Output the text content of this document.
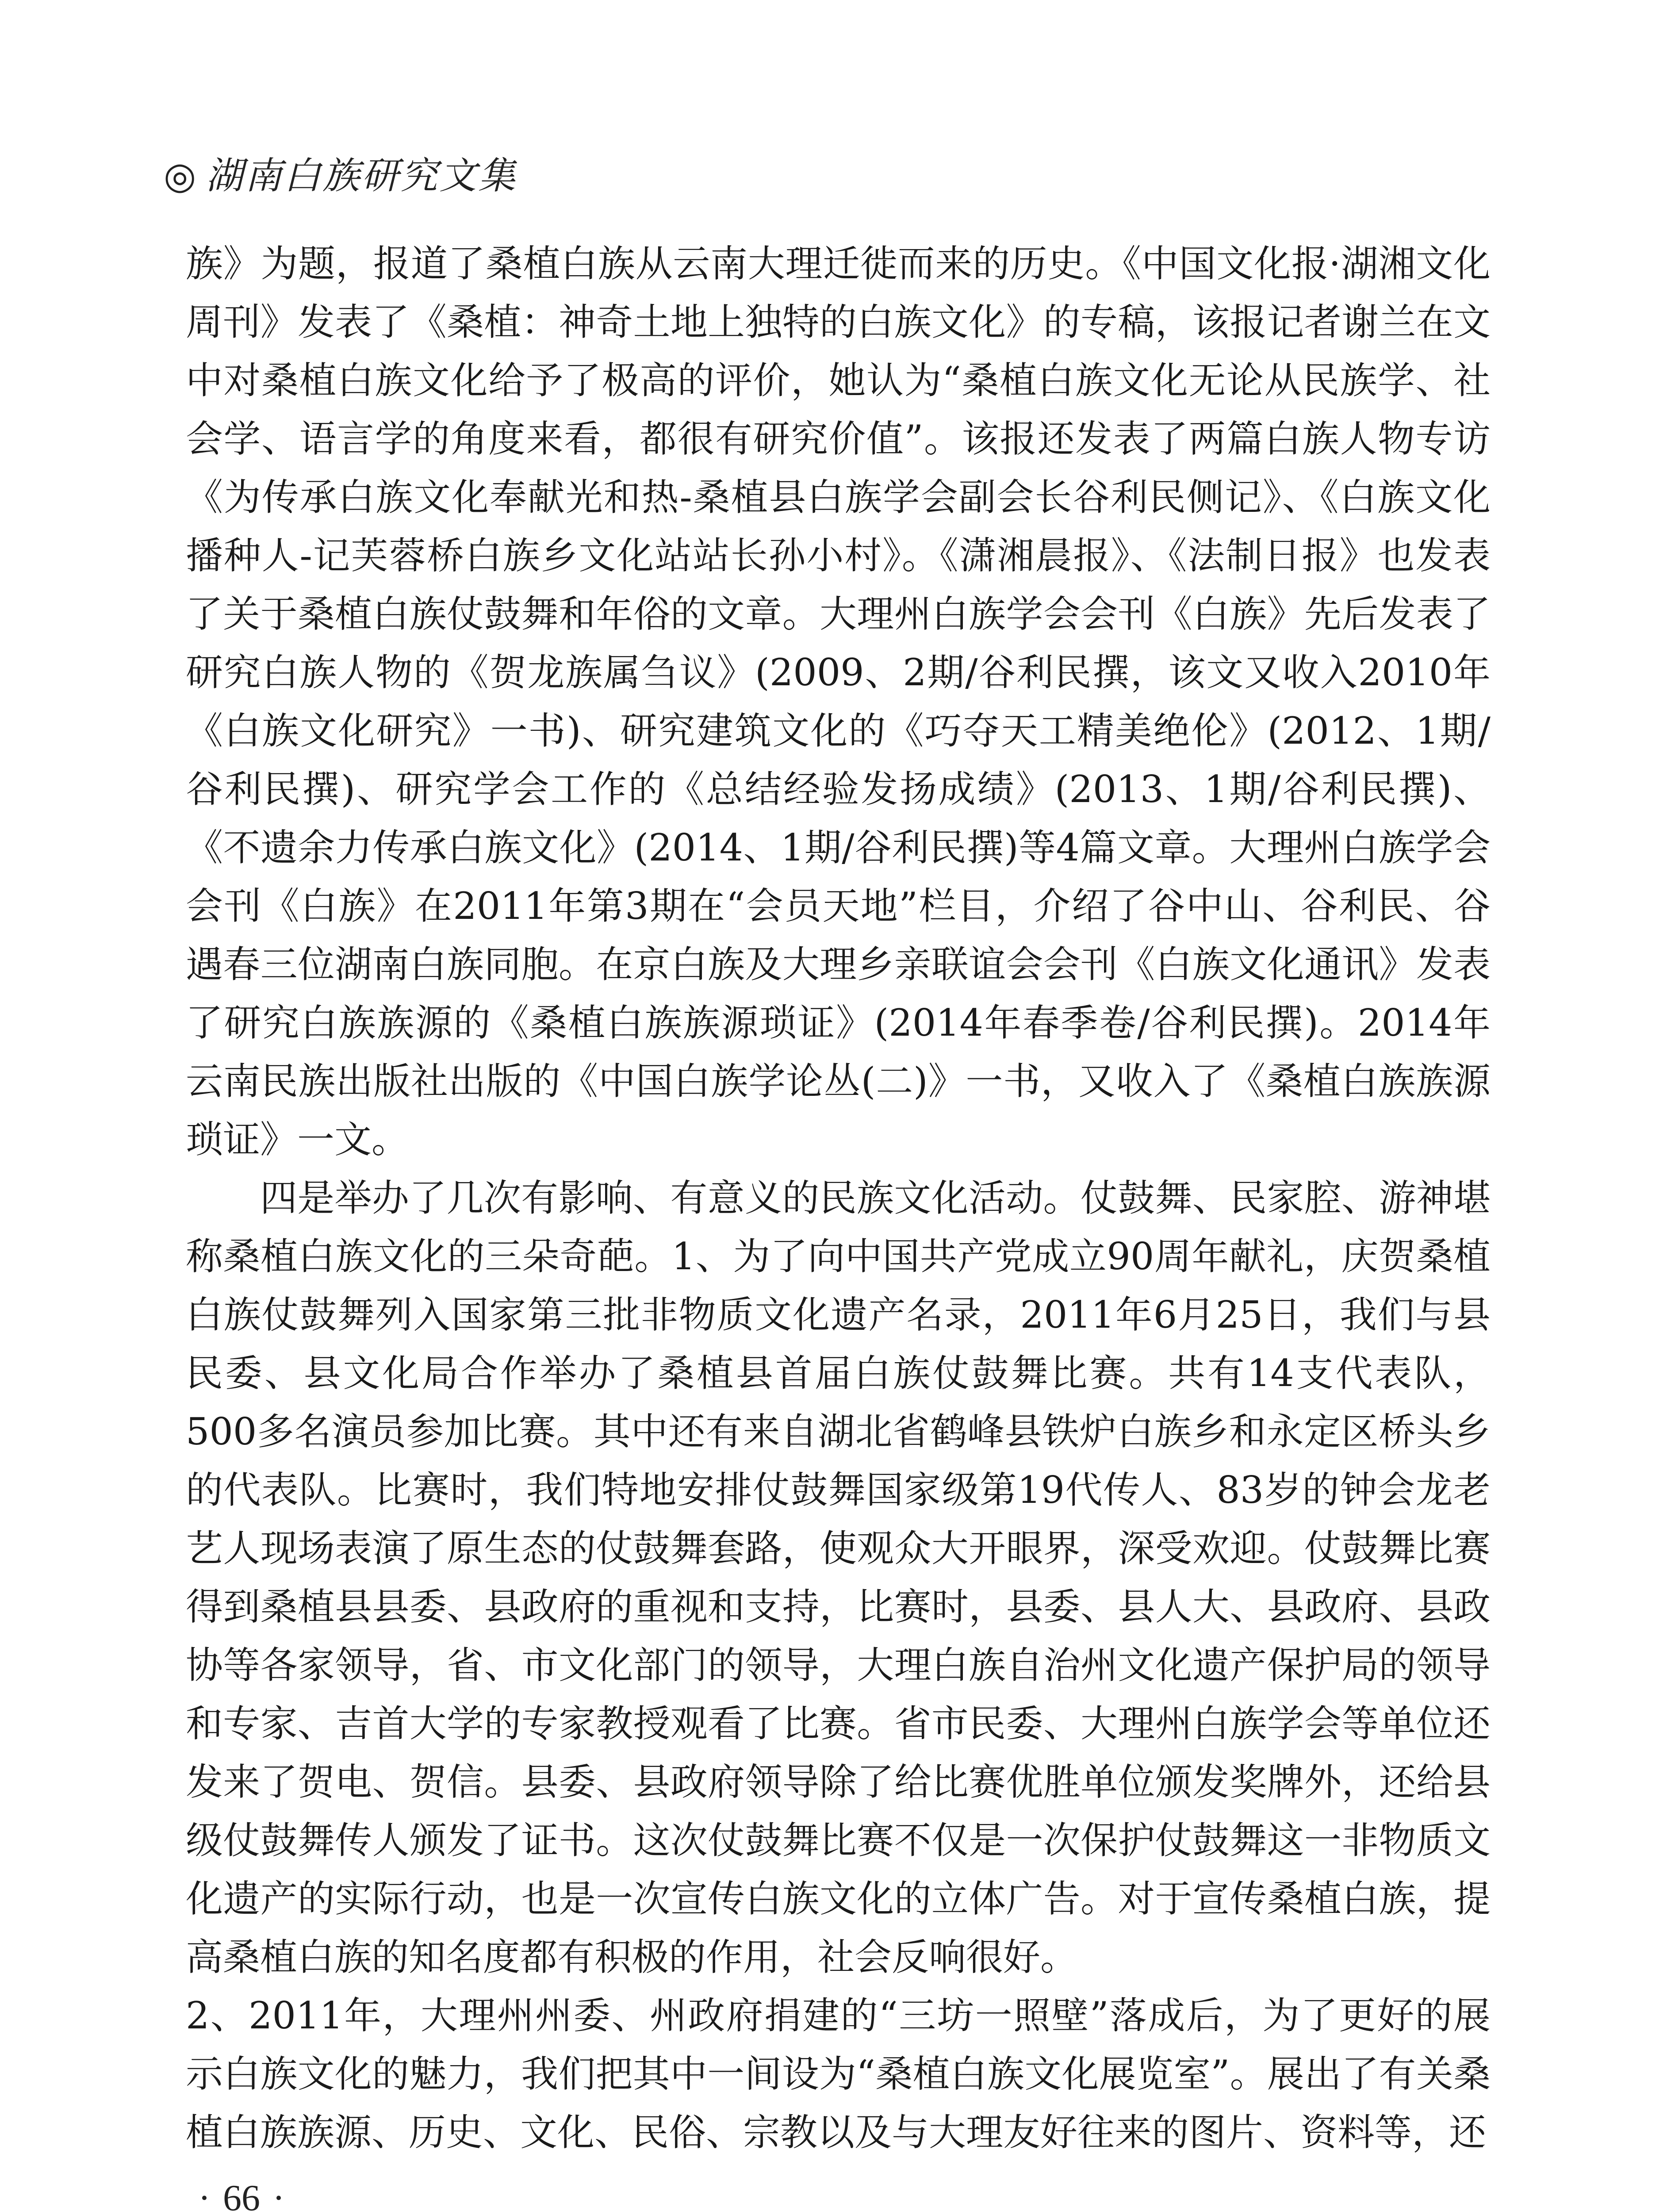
◎ 湖南白族研究文集

族》为题，报道了桑植白族从云南大理迁徙而来的历史。《中国文化报·湖湘文化周刊》发表了《桑植：神奇土地上独特的白族文化》的专稿，该报记者谢兰在文中对桑植白族文化给予了极高的评价，她认为“桑植白族文化无论从民族学、社会学、语言学的角度来看，都很有研究价值”。该报还发表了两篇白族人物专访《为传承白族文化奉献光和热-桑植县白族学会副会长谷利民侧记》、《白族文化播种人-记芙蓉桥白族乡文化站站长孙小村》。《潇湘晨报》、《法制日报》也发表了关于桑植白族仗鼓舞和年俗的文章。大理州白族学会会刊《白族》先后发表了研究白族人物的《贺龙族属刍议》(2009、2期/谷利民撰，该文又收入2010年《白族文化研究》一书)、研究建筑文化的《巧夺天工精美绝伦》(2012、1期/谷利民撰)、研究学会工作的《总结经验发扬成绩》(2013、1期/谷利民撰)、《不遗余力传承白族文化》(2014、1期/谷利民撰)等4篇文章。大理州白族学会会刊《白族》在2011年第3期在“会员天地”栏目，介绍了谷中山、谷利民、谷遇春三位湖南白族同胞。在京白族及大理乡亲联谊会会刊《白族文化通讯》发表了研究白族族源的《桑植白族族源琐证》(2014年春季卷/谷利民撰)。2014年云南民族出版社出版的《中国白族学论丛(二)》一书，又收入了《桑植白族族源琐证》一文。

四是举办了几次有影响、有意义的民族文化活动。仗鼓舞、民家腔、游神堪称桑植白族文化的三朵奇葩。1、为了向中国共产党成立90周年献礼，庆贺桑植白族仗鼓舞列入国家第三批非物质文化遗产名录，2011年6月25日，我们与县民委、县文化局合作举办了桑植县首届白族仗鼓舞比赛。共有14支代表队，500多名演员参加比赛。其中还有来自湖北省鹤峰县铁炉白族乡和永定区桥头乡的代表队。比赛时，我们特地安排仗鼓舞国家级第19代传人、83岁的钟会龙老艺人现场表演了原生态的仗鼓舞套路，使观众大开眼界，深受欢迎。仗鼓舞比赛得到桑植县县委、县政府的重视和支持，比赛时，县委、县人大、县政府、县政协等各家领导，省、市文化部门的领导，大理白族自治州文化遗产保护局的领导和专家、吉首大学的专家教授观看了比赛。省市民委、大理州白族学会等单位还发来了贺电、贺信。县委、县政府领导除了给比赛优胜单位颁发奖牌外，还给县级仗鼓舞传人颁发了证书。这次仗鼓舞比赛不仅是一次保护仗鼓舞这一非物质文化遗产的实际行动，也是一次宣传白族文化的立体广告。对于宣传桑植白族，提高桑植白族的知名度都有积极的作用，社会反响很好。

2、2011年，大理州州委、州政府捐建的“三坊一照壁”落成后，为了更好的展示白族文化的魅力，我们把其中一间设为“桑植白族文化展览室”。展出了有关桑植白族族源、历史、文化、民俗、宗教以及与大理友好往来的图片、资料等，还

· 66 ·
